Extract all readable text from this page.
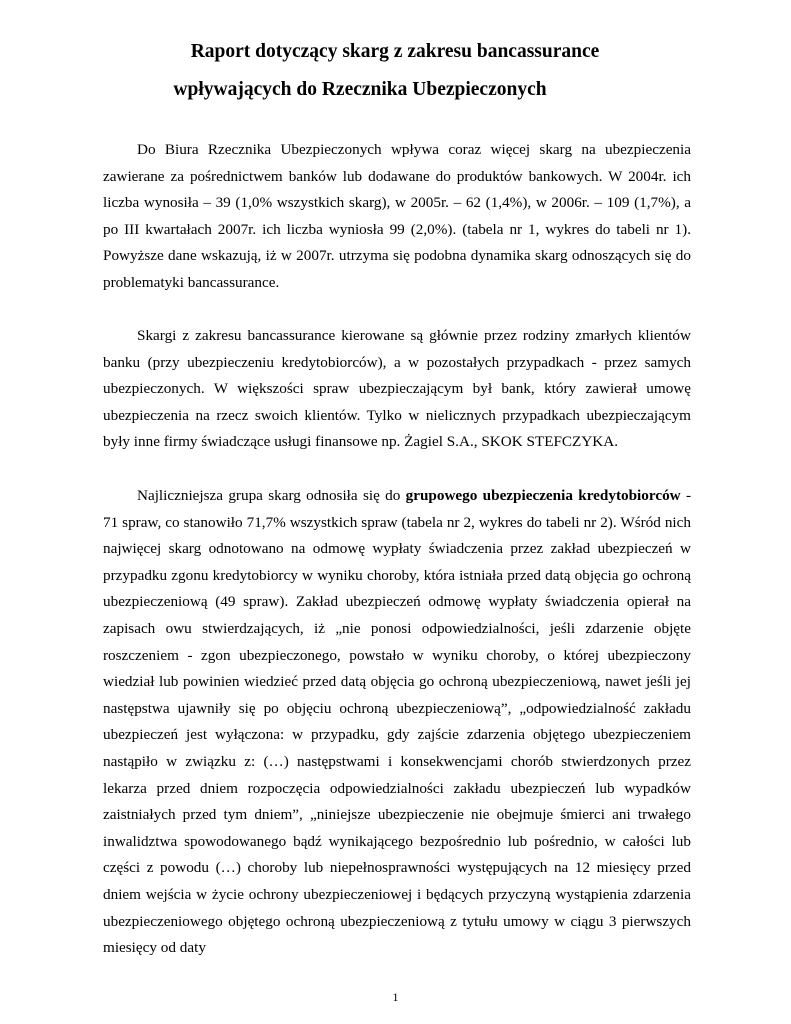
Raport dotyczący skarg z zakresu bancassurance
wpływających do Rzecznika Ubezpieczonych

Do Biura Rzecznika Ubezpieczonych wpływa coraz więcej skarg na ubezpieczenia zawierane za pośrednictwem banków lub dodawane do produktów bankowych. W 2004r. ich liczba wynosiła – 39 (1,0% wszystkich skarg), w 2005r. – 62 (1,4%), w 2006r. – 109 (1,7%), a po III kwartałach 2007r. ich liczba wyniosła 99 (2,0%). (tabela nr 1, wykres do tabeli nr 1). Powyższe dane wskazują, iż w 2007r. utrzyma się podobna dynamika skarg odnoszących się do problematyki bancassurance.

Skargi z zakresu bancassurance kierowane są głównie przez rodziny zmarłych klientów banku (przy ubezpieczeniu kredytobiorców), a w pozostałych przypadkach - przez samych ubezpieczonych. W większości spraw ubezpieczającym był bank, który zawierał umowę ubezpieczenia na rzecz swoich klientów. Tylko w nielicznych przypadkach ubezpieczającym były inne firmy świadczące usługi finansowe np. Żagiel S.A., SKOK STEFCZYKA.

Najliczniejsza grupa skarg odnosiła się do grupowego ubezpieczenia kredytobiorców - 71 spraw, co stanowiło 71,7% wszystkich spraw (tabela nr 2, wykres do tabeli nr 2). Wśród nich najwięcej skarg odnotowano na odmowę wypłaty świadczenia przez zakład ubezpieczeń w przypadku zgonu kredytobiorcy w wyniku choroby, która istniała przed datą objęcia go ochroną ubezpieczeniową (49 spraw). Zakład ubezpieczeń odmowę wypłaty świadczenia opierał na zapisach owu stwierdzających, iż „nie ponosi odpowiedzialności, jeśli zdarzenie objęte roszczeniem - zgon ubezpieczonego, powstało w wyniku choroby, o której ubezpieczony wiedział lub powinien wiedzieć przed datą objęcia go ochroną ubezpieczeniową, nawet jeśli jej następstwa ujawniły się po objęciu ochroną ubezpieczeniową”, „odpowiedzialność zakładu ubezpieczeń jest wyłączona: w przypadku, gdy zajście zdarzenia objętego ubezpieczeniem nastąpiło w związku z: (…) następstwami i konsekwencjami chorób stwierdzonych przez lekarza przed dniem rozpoczęcia odpowiedzialności zakładu ubezpieczeń lub wypadków zaistniałych przed tym dniem”, „niniejsze ubezpieczenie nie obejmuje śmierci ani trwałego inwalidztwa spowodowanego bądź wynikającego bezpośrednio lub pośrednio, w całości lub części z powodu (…) choroby lub niepełnosprawności występujących na 12 miesięcy przed dniem wejścia w życie ochrony ubezpieczeniowej i będących przyczyną wystąpienia zdarzenia ubezpieczeniowego objętego ochroną ubezpieczeniową z tytułu umowy w ciągu 3 pierwszych miesięcy od daty

1
